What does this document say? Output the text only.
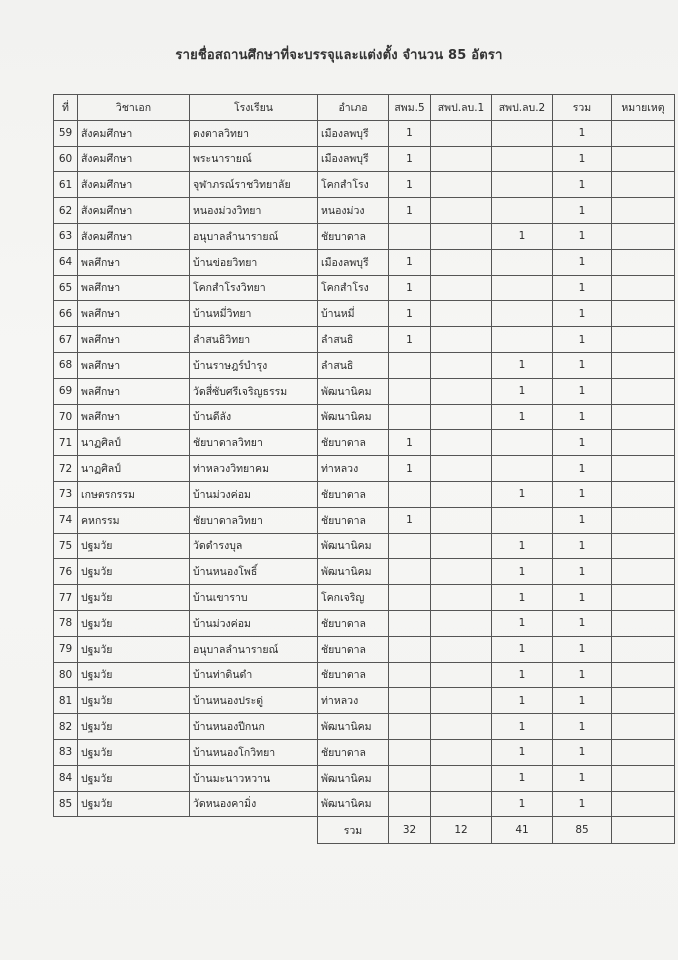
รายชื่อสถานศึกษาที่จะบรรจุและแต่งตั้ง จำนวน 85 อัตรา
ที่	วิชาเอก	โรงเรียน	อำเภอ	สพม.5	สพป.ลบ.1	สพป.ลบ.2	รวม	หมายเหตุ
59	สังคมศึกษา	ดงตาลวิทยา	เมืองลพบุรี	1			1	
60	สังคมศึกษา	พระนารายณ์	เมืองลพบุรี	1			1	
61	สังคมศึกษา	จุฬาภรณ์ราชวิทยาลัย	โคกสำโรง	1			1	
62	สังคมศึกษา	หนองม่วงวิทยา	หนองม่วง	1			1	
63	สังคมศึกษา	อนุบาลลำนารายณ์	ชัยบาดาล			1	1	
64	พลศึกษา	บ้านข่อยวิทยา	เมืองลพบุรี	1			1	
65	พลศึกษา	โคกสำโรงวิทยา	โคกสำโรง	1			1	
66	พลศึกษา	บ้านหมี่วิทยา	บ้านหมี่	1			1	
67	พลศึกษา	ลำสนธิวิทยา	ลำสนธิ	1			1	
68	พลศึกษา	บ้านราษฎร์บำรุง	ลำสนธิ			1	1	
69	พลศึกษา	วัดสี่ซับศรีเจริญธรรม	พัฒนานิคม			1	1	
70	พลศึกษา	บ้านดีลัง	พัฒนานิคม			1	1	
71	นาฏศิลป์	ชัยบาดาลวิทยา	ชัยบาดาล	1			1	
72	นาฏศิลป์	ท่าหลวงวิทยาคม	ท่าหลวง	1			1	
73	เกษตรกรรม	บ้านม่วงค่อม	ชัยบาดาล			1	1	
74	คหกรรม	ชัยบาดาลวิทยา	ชัยบาดาล	1			1	
75	ปฐมวัย	วัดดำรงบุล	พัฒนานิคม			1	1	
76	ปฐมวัย	บ้านหนองโพธิ์	พัฒนานิคม			1	1	
77	ปฐมวัย	บ้านเขาราบ	โคกเจริญ			1	1	
78	ปฐมวัย	บ้านม่วงค่อม	ชัยบาดาล			1	1	
79	ปฐมวัย	อนุบาลลำนารายณ์	ชัยบาดาล			1	1	
80	ปฐมวัย	บ้านท่าดินดำ	ชัยบาดาล			1	1	
81	ปฐมวัย	บ้านหนองประดู่	ท่าหลวง			1	1	
82	ปฐมวัย	บ้านหนองปีกนก	พัฒนานิคม			1	1	
83	ปฐมวัย	บ้านหนองโกวิทยา	ชัยบาดาล			1	1	
84	ปฐมวัย	บ้านมะนาวหวาน	พัฒนานิคม			1	1	
85	ปฐมวัย	วัดหนองคามิ่ง	พัฒนานิคม			1	1	
			รวม	32	12	41	85	
